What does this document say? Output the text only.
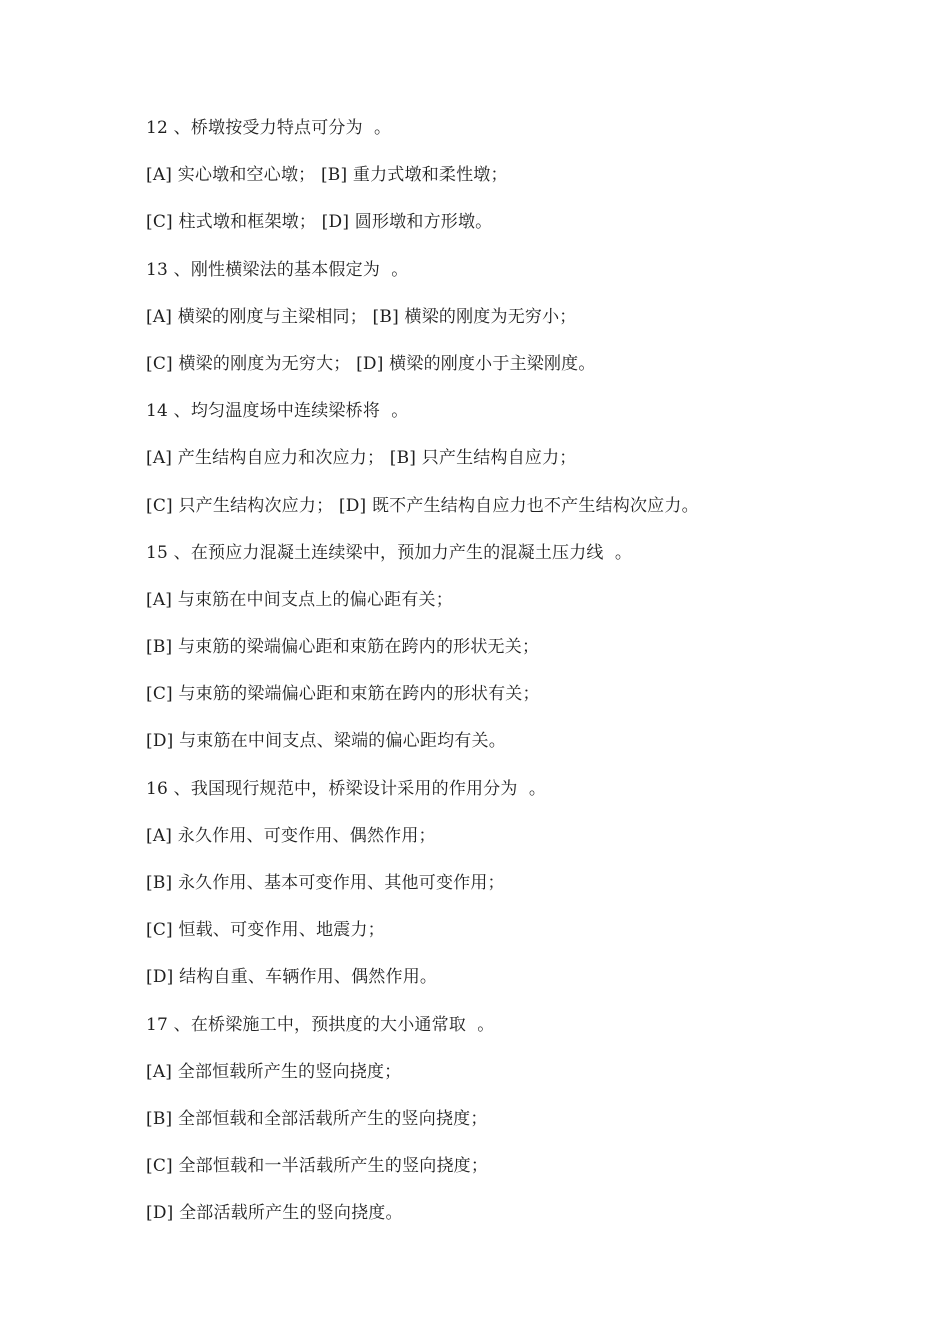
12 、桥墩按受力特点可分为  。
[A] 实心墩和空心墩； [B] 重力式墩和柔性墩；
[C] 柱式墩和框架墩； [D] 圆形墩和方形墩。
13 、刚性横梁法的基本假定为  。
[A] 横梁的刚度与主梁相同； [B] 横梁的刚度为无穷小；
[C] 横梁的刚度为无穷大； [D] 横梁的刚度小于主梁刚度。
14 、均匀温度场中连续梁桥将  。
[A] 产生结构自应力和次应力； [B] 只产生结构自应力；
[C] 只产生结构次应力； [D] 既不产生结构自应力也不产生结构次应力。
15 、在预应力混凝土连续梁中，预加力产生的混凝土压力线  。
[A] 与束筋在中间支点上的偏心距有关；
[B] 与束筋的梁端偏心距和束筋在跨内的形状无关；
[C] 与束筋的梁端偏心距和束筋在跨内的形状有关；
[D] 与束筋在中间支点、梁端的偏心距均有关。
16 、我国现行规范中，桥梁设计采用的作用分为  。
[A] 永久作用、可变作用、偶然作用；
[B] 永久作用、基本可变作用、其他可变作用；
[C] 恒载、可变作用、地震力；
[D] 结构自重、车辆作用、偶然作用。
17 、在桥梁施工中，预拱度的大小通常取  。
[A] 全部恒载所产生的竖向挠度；
[B] 全部恒载和全部活载所产生的竖向挠度；
[C] 全部恒载和一半活载所产生的竖向挠度；
[D] 全部活载所产生的竖向挠度。
